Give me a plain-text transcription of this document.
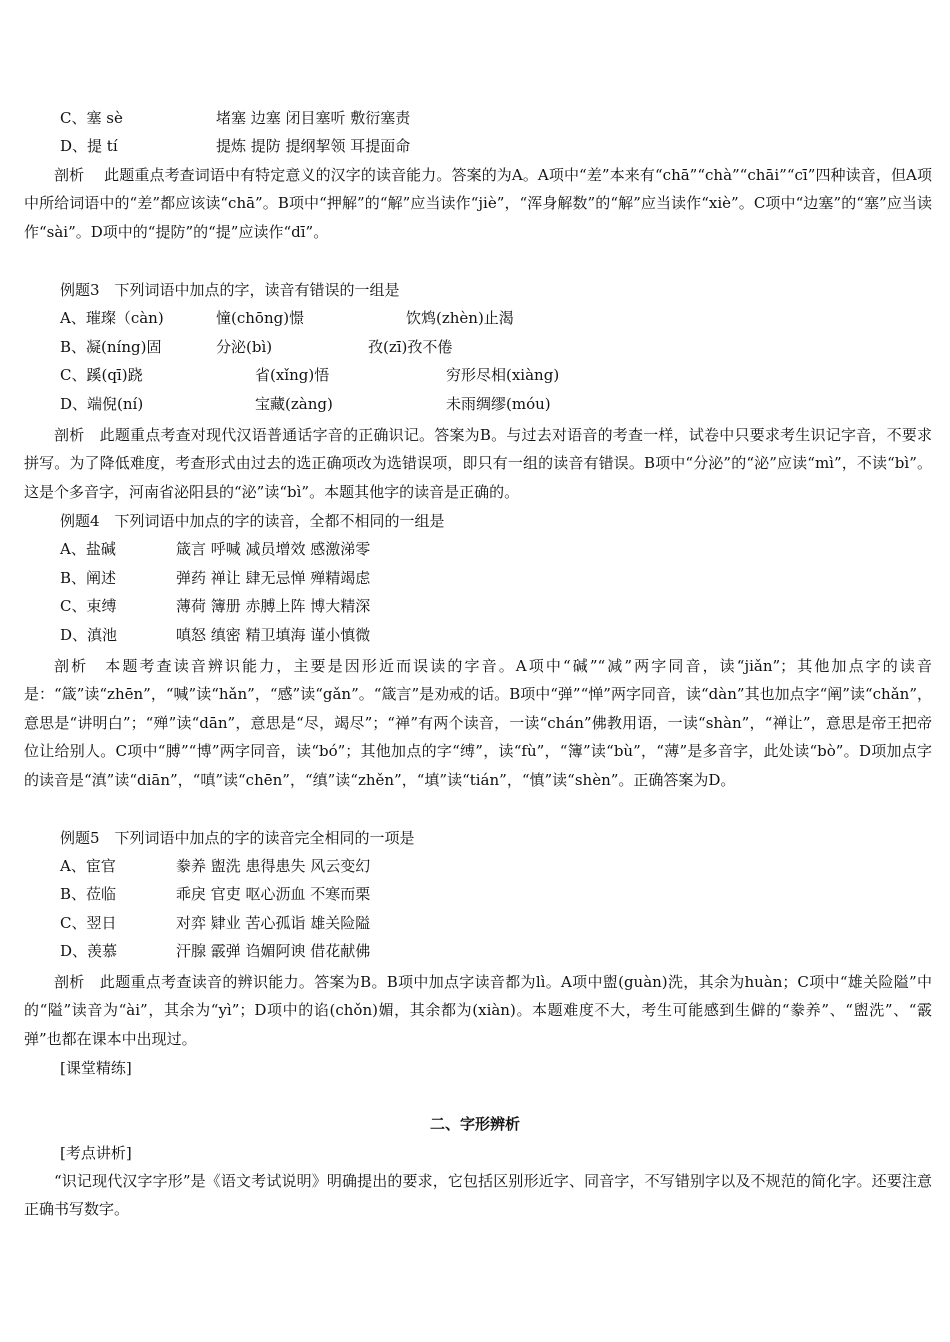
C、塞 sè	堵塞 边塞 闭目塞听 敷衍塞责
D、提 tí	提炼 提防 提纲挈领 耳提面命

剖析　 此题重点考查词语中有特定意义的汉字的读音能力。答案的为A。A项中“差”本来有“chā”“chà”“chāi”“cī”四种读音，但A项中所给词语中的“差”都应该读“chā”。B项中“押解”的“解”应当读作“jiè”，“浑身解数”的“解”应当读作“xiè”。C项中“边塞”的“塞”应当读作“sài”。D项中的“提防”的“提”应读作“dī”。

例题3　下列词语中加点的字，读音有错误的一组是
A、璀璨（càn)	憧(chōng)憬	饮鸩(zhèn)止渴
B、凝(níng)固	分泌(bì)	孜(zī)孜不倦
C、蹊(qī)跷	省(xǐng)悟	穷形尽相(xiàng)
D、端倪(ní)	宝藏(zàng)	未雨绸缪(móu)

剖析　此题重点考查对现代汉语普通话字音的正确识记。答案为B。与过去对语音的考查一样，试卷中只要求考生识记字音，不要求拼写。为了降低难度，考查形式由过去的选正确项改为选错误项，即只有一组的读音有错误。B项中“分泌”的“泌”应读“mì”，不读“bì”。这是个多音字，河南省泌阳县的“泌”读“bì”。本题其他字的读音是正确的。

例题4　下列词语中加点的字的读音，全都不相同的一组是
A、盐碱	箴言 呼喊 减员增效 感激涕零
B、阐述	弹药 禅让 肆无忌惮 殚精竭虑
C、束缚	薄荷 簿册 赤膊上阵 博大精深
D、滇池	嗔怒 缜密 精卫填海 谨小慎微

剖析　本题考查读音辨识能力，主要是因形近而误读的字音。A项中“碱”“减”两字同音，读“jiǎn”；其他加点字的读音是：“箴”读“zhēn”，“喊”读“hǎn”，“感”读“gǎn”。“箴言”是劝戒的话。B项中“弹”“惮”两字同音，读“dàn”其也加点字“阐”读“chǎn”，意思是“讲明白”；“殚”读“dān”，意思是“尽，竭尽”；“禅”有两个读音，一读“chán”佛教用语，一读“shàn”，“禅让”，意思是帝王把帝位让给别人。C项中“膊”“博”两字同音，读“bó”；其他加点的字“缚”，读“fù”，“簿”读“bù”，“薄”是多音字，此处读“bò”。D项加点字的读音是“滇”读“diān”，“嗔”读“chēn”，“缜”读“zhěn”，“填”读“tián”，“慎”读“shèn”。正确答案为D。

例题5　下列词语中加点的字的读音完全相同的一项是
A、宦官	豢养 盥洗 患得患失 风云变幻
B、莅临	乖戾 官吏 呕心沥血 不寒而栗
C、翌日	对弈 肄业 苦心孤诣 雄关险隘
D、羡慕	汗腺 霰弹 诌媚阿谀 借花献佛

剖析　此题重点考查读音的辨识能力。答案为B。B项中加点字读音都为lì。A项中盥(guàn)洗，其余为huàn；C项中“雄关险隘”中的“隘”读音为“ài”，其余为“yì”；D项中的谄(chǒn)媚，其余都为(xiàn)。本题难度不大，考生可能感到生僻的“豢养”、“盥洗”、“霰弹”也都在课本中出现过。

[课堂精练]
二、字形辨析
[考点讲析]

“识记现代汉字字形”是《语文考试说明》明确提出的要求，它包括区别形近字、同音字，不写错别字以及不规范的简化字。还要注意正确书写数字。
